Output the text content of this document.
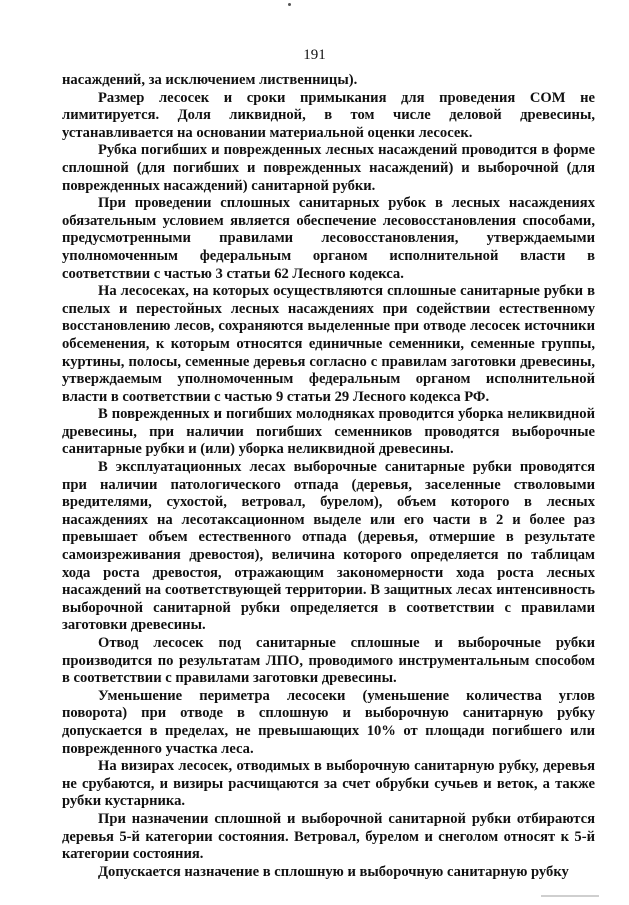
191

насаждений, за исключением лиственницы).

Размер лесосек и сроки примыкания для проведения СОМ не лимитируется. Доля ликвидной, в том числе деловой древесины, устанавливается на основании материальной оценки лесосек.

Рубка погибших и поврежденных лесных насаждений проводится в форме сплошной (для погибших и поврежденных насаждений) и выборочной (для поврежденных насаждений) санитарной рубки.

При проведении сплошных санитарных рубок в лесных насаждениях обязательным условием является обеспечение лесовосстановления способами, предусмотренными правилами лесовосстановления, утверждаемыми уполномоченным федеральным органом исполнительной власти в соответствии с частью 3 статьи 62 Лесного кодекса.

На лесосеках, на которых осуществляются сплошные санитарные рубки в спелых и перестойных лесных насаждениях при содействии естественному восстановлению лесов, сохраняются выделенные при отводе лесосек источники обсеменения, к которым относятся единичные семенники, семенные группы, куртины, полосы, семенные деревья согласно с правилам заготовки древесины, утверждаемым уполномоченным федеральным органом исполнительной власти в соответствии с частью 9 статьи 29 Лесного кодекса РФ.

В поврежденных и погибших молодняках проводится уборка неликвидной древесины, при наличии погибших семенников проводятся выборочные санитарные рубки и (или) уборка неликвидной древесины.

В эксплуатационных лесах выборочные санитарные рубки проводятся при наличии патологического отпада (деревья, заселенные стволовыми вредителями, сухостой, ветровал, бурелом), объем которого в лесных насаждениях на лесотаксационном выделе или его части в 2 и более раз превышает объем естественного отпада (деревья, отмершие в результате самоизреживания древостоя), величина которого определяется по таблицам хода роста древостоя, отражающим закономерности хода роста лесных насаждений на соответствующей территории. В защитных лесах интенсивность выборочной санитарной рубки определяется в соответствии с правилами заготовки древесины.

Отвод лесосек под санитарные сплошные и выборочные рубки производится по результатам ЛПО, проводимого инструментальным способом в соответствии с правилами заготовки древесины.

Уменьшение периметра лесосеки (уменьшение количества углов поворота) при отводе в сплошную и выборочную санитарную рубку допускается в пределах, не превышающих 10% от площади погибшего или поврежденного участка леса.

На визирах лесосек, отводимых в выборочную санитарную рубку, деревья не срубаются, и визиры расчищаются за счет обрубки сучьев и веток, а также рубки кустарника.

При назначении сплошной и выборочной санитарной рубки отбираются деревья 5-й категории состояния. Ветровал, бурелом и снеголом относят к 5-й категории состояния.

Допускается назначение в сплошную и выборочную санитарную рубку
